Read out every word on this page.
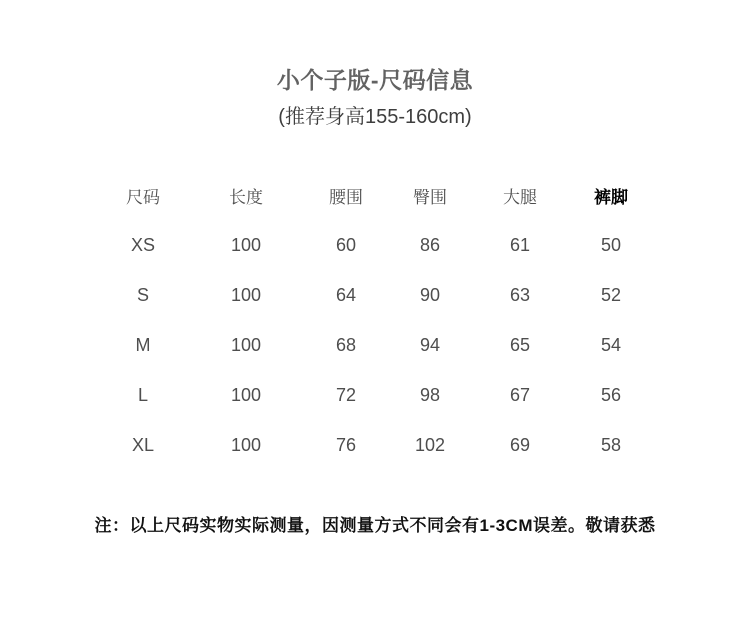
小个子版-尺码信息
(推荐身高155-160cm)
尺码	长度	腰围	臀围	大腿	裤脚
XS	100	60	86	61	50
S	100	64	90	63	52
M	100	68	94	65	54
L	100	72	98	67	56
XL	100	76	102	69	58
注：以上尺码实物实际测量，因测量方式不同会有1-3CM误差。敬请获悉
